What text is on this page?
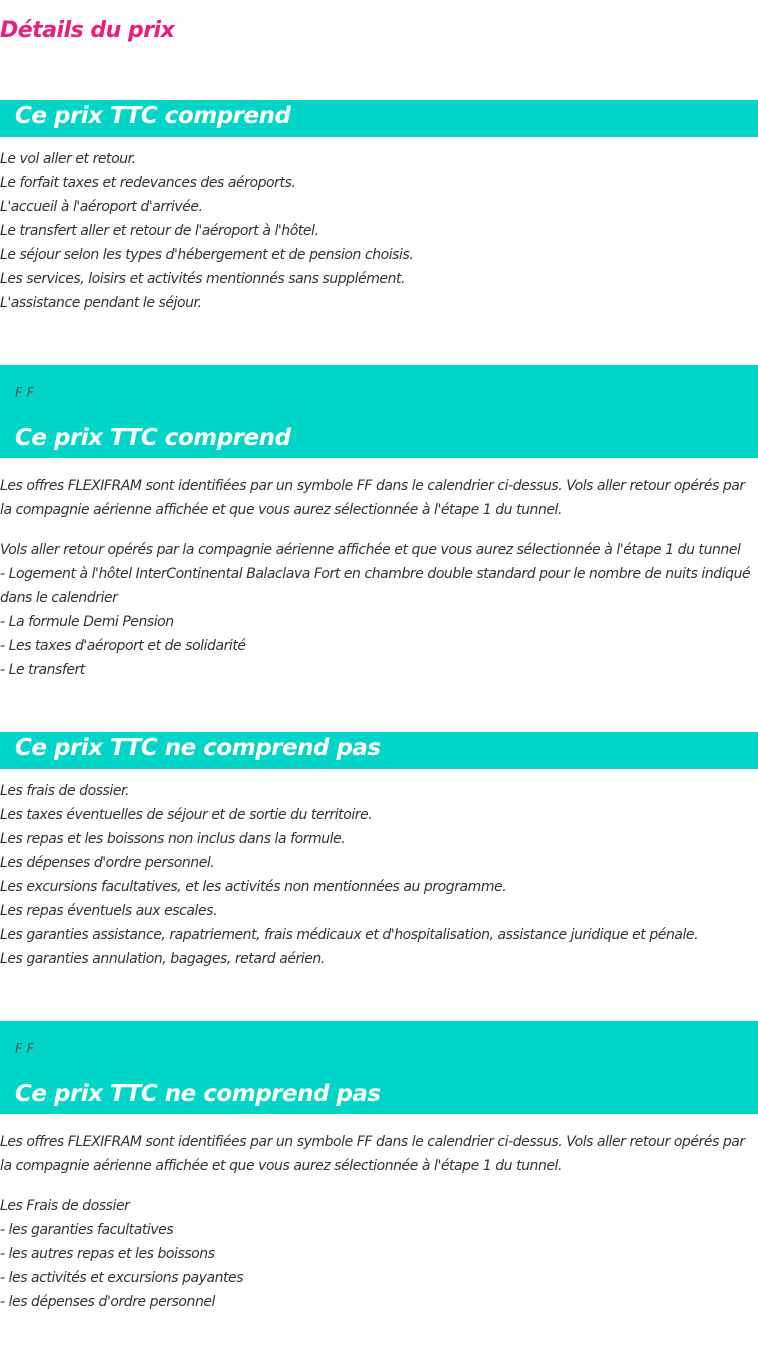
Détails du prix
Ce prix TTC comprend
Le vol aller et retour.
Le forfait taxes et redevances des aéroports.
L'accueil à l'aéroport d'arrivée.
Le transfert aller et retour de l'aéroport à l'hôtel.
Le séjour selon les types d'hébergement et de pension choisis.
Les services, loisirs et activités mentionnés sans supplément.
L'assistance pendant le séjour.
F F
Ce prix TTC comprend

Les offres FLEXIFRAM sont identifiées par un symbole FF dans le calendrier ci-dessus. Vols aller retour opérés par la compagnie aérienne affichée et que vous aurez sélectionnée à l'étape 1 du tunnel.

Vols aller retour opérés par la compagnie aérienne affichée et que vous aurez sélectionnée à l'étape 1 du tunnel
- Logement à l'hôtel InterContinental Balaclava Fort en chambre double standard pour le nombre de nuits indiqué dans le calendrier
- La formule Demi Pension
- Les taxes d'aéroport et de solidarité
- Le transfert
Ce prix TTC ne comprend pas
Les frais de dossier.
Les taxes éventuelles de séjour et de sortie du territoire.
Les repas et les boissons non inclus dans la formule.
Les dépenses d'ordre personnel.
Les excursions facultatives, et les activités non mentionnées au programme.
Les repas éventuels aux escales.
Les garanties assistance, rapatriement, frais médicaux et d'hospitalisation, assistance juridique et pénale.
Les garanties annulation, bagages, retard aérien.
F F
Ce prix TTC ne comprend pas

Les offres FLEXIFRAM sont identifiées par un symbole FF dans le calendrier ci-dessus. Vols aller retour opérés par la compagnie aérienne affichée et que vous aurez sélectionnée à l'étape 1 du tunnel.

Les Frais de dossier
- les garanties facultatives
- les autres repas et les boissons
- les activités et excursions payantes
- les dépenses d'ordre personnel
